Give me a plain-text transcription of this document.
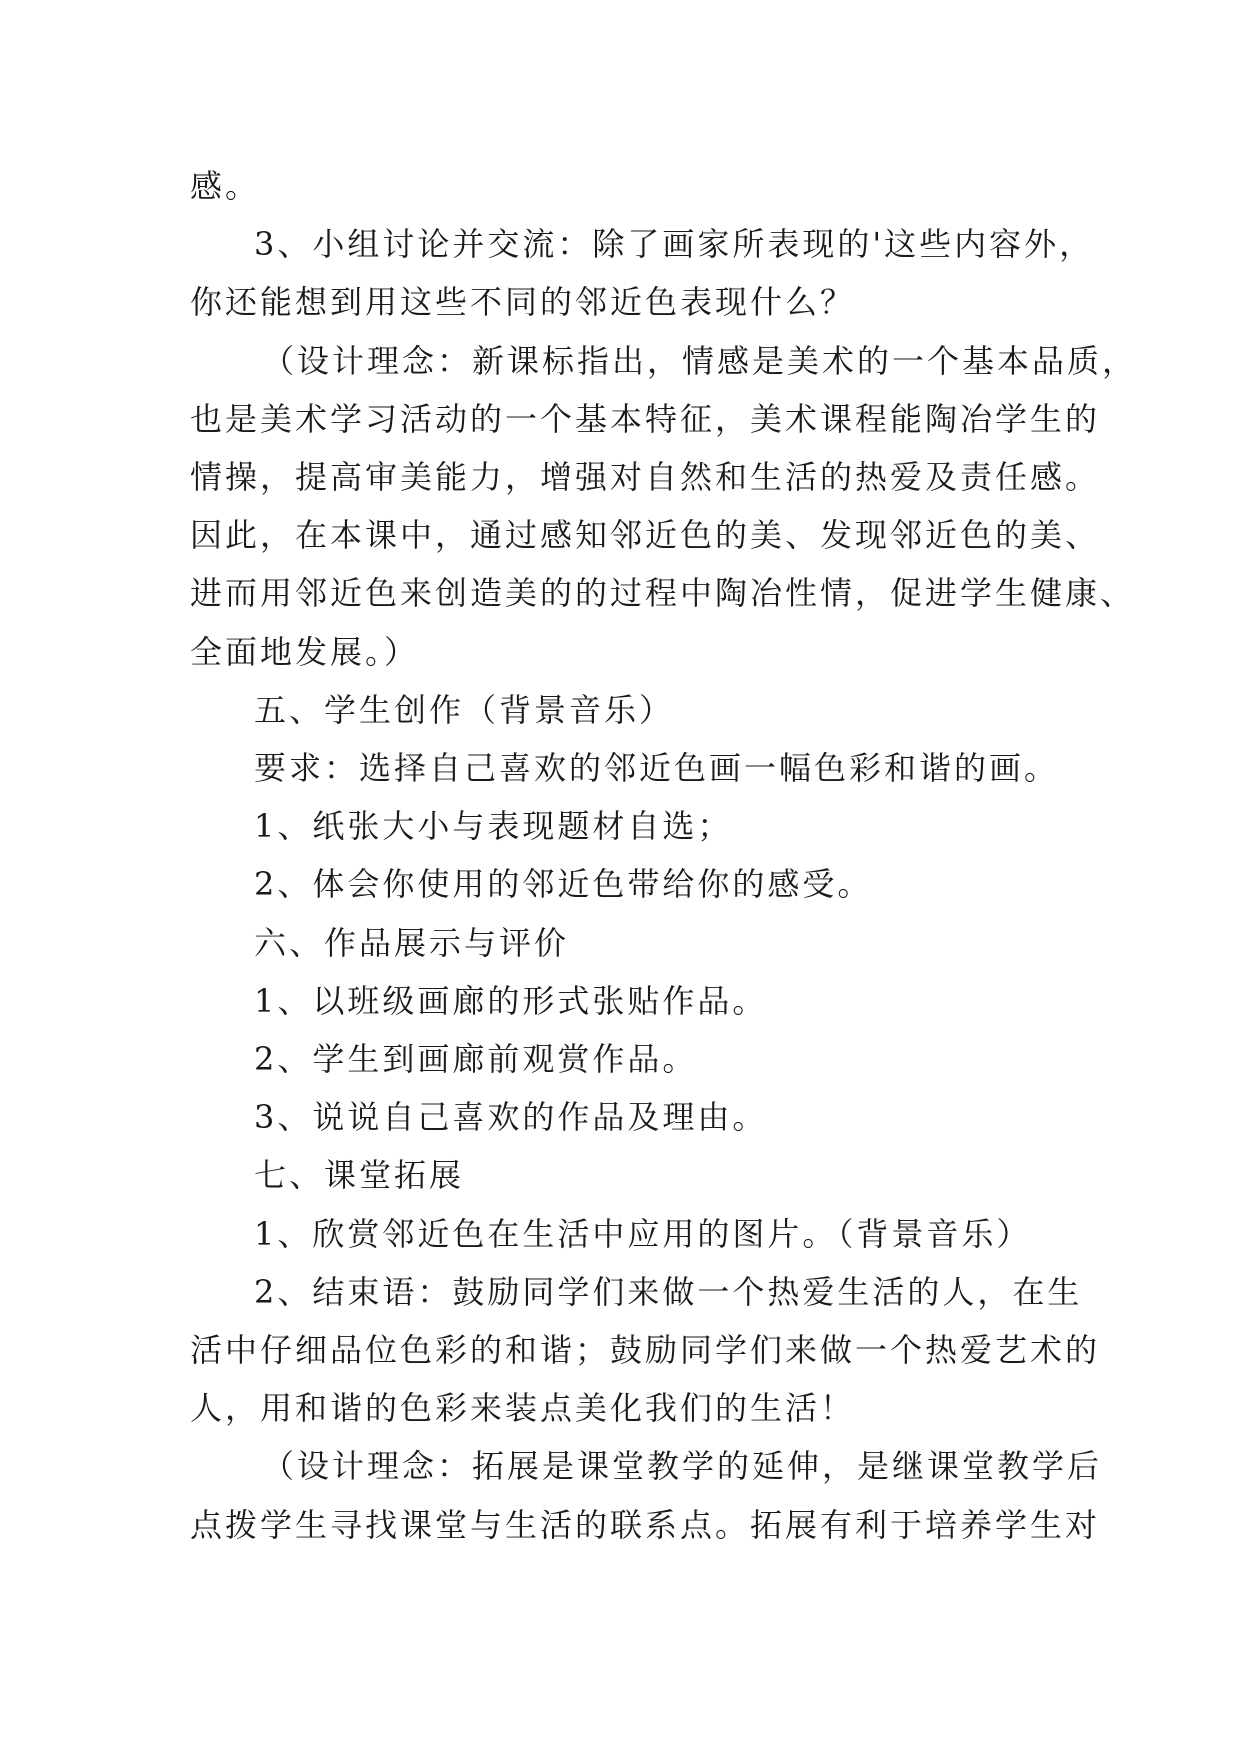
感。

3、小组讨论并交流：除了画家所表现的'这些内容外，

你还能想到用这些不同的邻近色表现什么？

（设计理念：新课标指出，情感是美术的一个基本品质，

也是美术学习活动的一个基本特征，美术课程能陶冶学生的

情操，提高审美能力，增强对自然和生活的热爱及责任感。

因此，在本课中，通过感知邻近色的美、发现邻近色的美、

进而用邻近色来创造美的的过程中陶冶性情，促进学生健康、

全面地发展。）

五、学生创作（背景音乐）

要求：选择自己喜欢的邻近色画一幅色彩和谐的画。

1、纸张大小与表现题材自选；

2、体会你使用的邻近色带给你的感受。

六、作品展示与评价

1、以班级画廊的形式张贴作品。

2、学生到画廊前观赏作品。

3、说说自己喜欢的作品及理由。

七、课堂拓展

1、欣赏邻近色在生活中应用的图片。（背景音乐）

2、结束语：鼓励同学们来做一个热爱生活的人，在生

活中仔细品位色彩的和谐；鼓励同学们来做一个热爱艺术的

人，用和谐的色彩来装点美化我们的生活！

（设计理念：拓展是课堂教学的延伸，是继课堂教学后

点拨学生寻找课堂与生活的联系点。拓展有利于培养学生对
